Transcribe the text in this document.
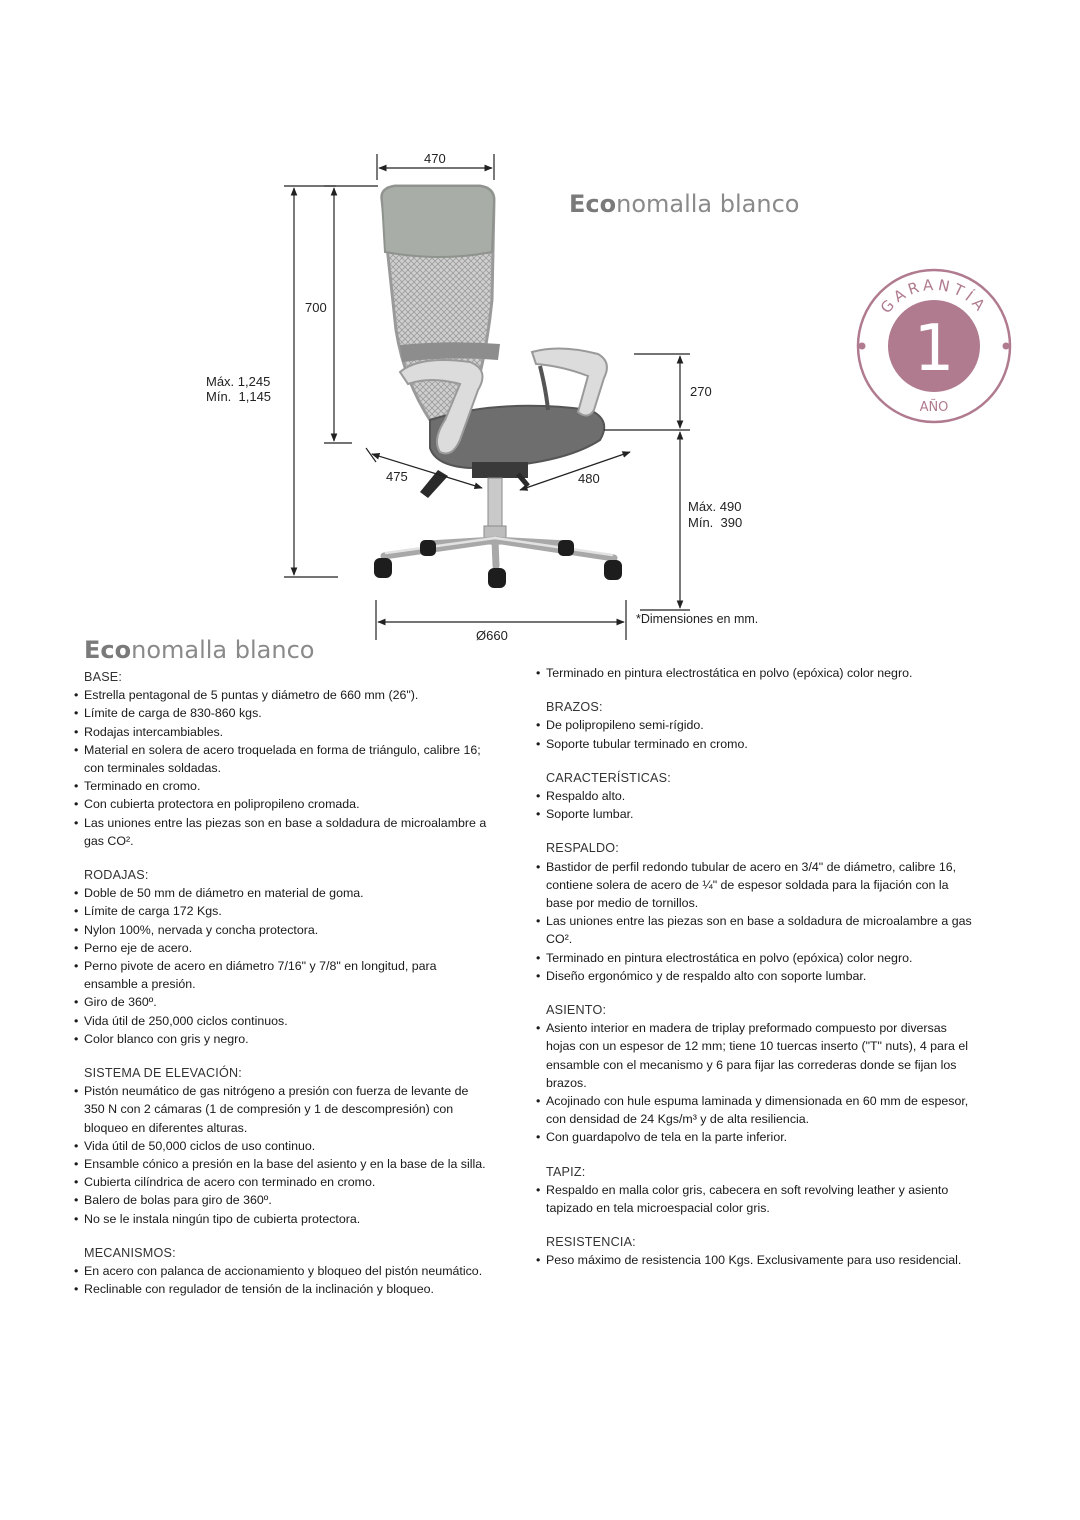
470
700
Máx. 1,245
Mín.  1,145	270
475	480
Máx. 490
Mín.  390
Ø660
*Dimensiones en mm.
Economalla blanco
GARANTÍA
1
AÑO
Economalla blanco
BASE:
• Estrella pentagonal de 5 puntas y diámetro de 660 mm (26").
• Límite de carga de 830-860 kgs.
• Rodajas intercambiables.
• Material en solera de acero troquelada en forma de triángulo, calibre 16; con terminales soldadas.
• Terminado en cromo.
• Con cubierta protectora en polipropileno cromada.
• Las uniones entre las piezas son en base a soldadura de microalambre a gas CO².
RODAJAS:
• Doble de 50 mm de diámetro en material de goma.
• Límite de carga 172 Kgs.
• Nylon 100%, nervada y concha protectora.
• Perno eje de acero.
• Perno pivote de acero en diámetro 7/16" y 7/8" en longitud, para ensamble a presión.
• Giro de 360º.
• Vida útil de 250,000 ciclos continuos.
• Color blanco con gris y negro.
SISTEMA DE ELEVACIÓN:
• Pistón neumático de gas nitrógeno a presión con fuerza de levante de 350 N con 2 cámaras (1 de compresión y 1 de descompresión) con bloqueo en diferentes alturas.
• Vida útil de 50,000 ciclos de uso continuo.
• Ensamble cónico a presión en la base del asiento y en la base de la silla.
• Cubierta cilíndrica de acero con terminado en cromo.
• Balero de bolas para giro de 360º.
• No se le instala ningún tipo de cubierta protectora.
MECANISMOS:
• En acero con palanca de accionamiento y bloqueo del pistón neumático.
• Reclinable con regulador de tensión de la inclinación y bloqueo.
• Terminado en pintura electrostática en polvo (epóxica) color negro.
BRAZOS:
• De polipropileno semi-rígido.
• Soporte tubular terminado en cromo.
CARACTERÍSTICAS:
• Respaldo alto.
• Soporte lumbar.
RESPALDO:
• Bastidor de perfil redondo tubular de acero en 3/4" de diámetro, calibre 16, contiene solera de acero de ¼" de espesor soldada para la fijación con la base por medio de tornillos.
• Las uniones entre las piezas son en base a soldadura de microalambre a gas CO².
• Terminado en pintura electrostática en polvo (epóxica) color negro.
• Diseño ergonómico y de respaldo alto con soporte lumbar.
ASIENTO:
• Asiento interior en madera de triplay preformado compuesto por diversas hojas con un espesor de 12 mm; tiene 10 tuercas inserto ("T" nuts), 4 para el ensamble con el mecanismo y 6 para fijar las correderas donde se fijan los brazos.
• Acojinado con hule espuma laminada y dimensionada en 60 mm de espesor, con densidad de 24 Kgs/m³ y de alta resiliencia.
• Con guardapolvo de tela en la parte inferior.
TAPIZ:
• Respaldo en malla color gris, cabecera en soft revolving leather y asiento tapizado en tela microespacial color gris.
RESISTENCIA:
• Peso máximo de resistencia 100 Kgs. Exclusivamente para uso residencial.
